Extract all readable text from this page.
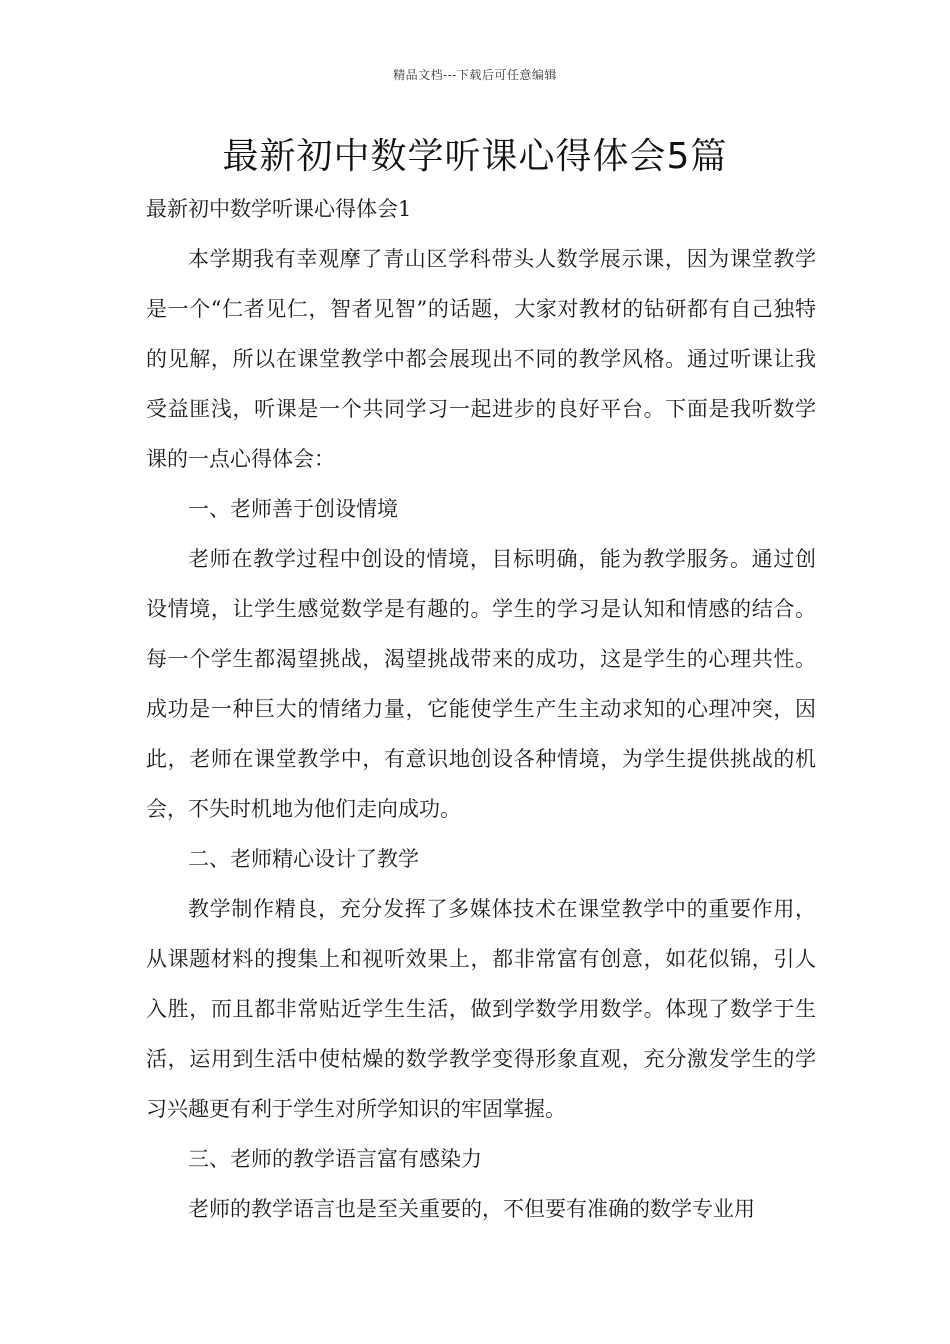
精品文档---下载后可任意编辑
最新初中数学听课心得体会5篇

最新初中数学听课心得体会1

本学期我有幸观摩了青山区学科带头人数学展示课，因为课堂教学是一个“仁者见仁，智者见智”的话题，大家对教材的钻研都有自己独特的见解，所以在课堂教学中都会展现出不同的教学风格。通过听课让我受益匪浅，听课是一个共同学习一起进步的良好平台。下面是我听数学课的一点心得体会：

一、老师善于创设情境

老师在教学过程中创设的情境，目标明确，能为教学服务。通过创设情境，让学生感觉数学是有趣的。学生的学习是认知和情感的结合。每一个学生都渴望挑战，渴望挑战带来的成功，这是学生的心理共性。成功是一种巨大的情绪力量，它能使学生产生主动求知的心理冲突，因此，老师在课堂教学中，有意识地创设各种情境，为学生提供挑战的机会，不失时机地为他们走向成功。

二、老师精心设计了教学

教学制作精良，充分发挥了多媒体技术在课堂教学中的重要作用，从课题材料的搜集上和视听效果上，都非常富有创意，如花似锦，引人入胜，而且都非常贴近学生生活，做到学数学用数学。体现了数学于生活，运用到生活中使枯燥的数学教学变得形象直观，充分激发学生的学习兴趣更有利于学生对所学知识的牢固掌握。

三、老师的教学语言富有感染力

老师的教学语言也是至关重要的，不但要有准确的数学专业用
